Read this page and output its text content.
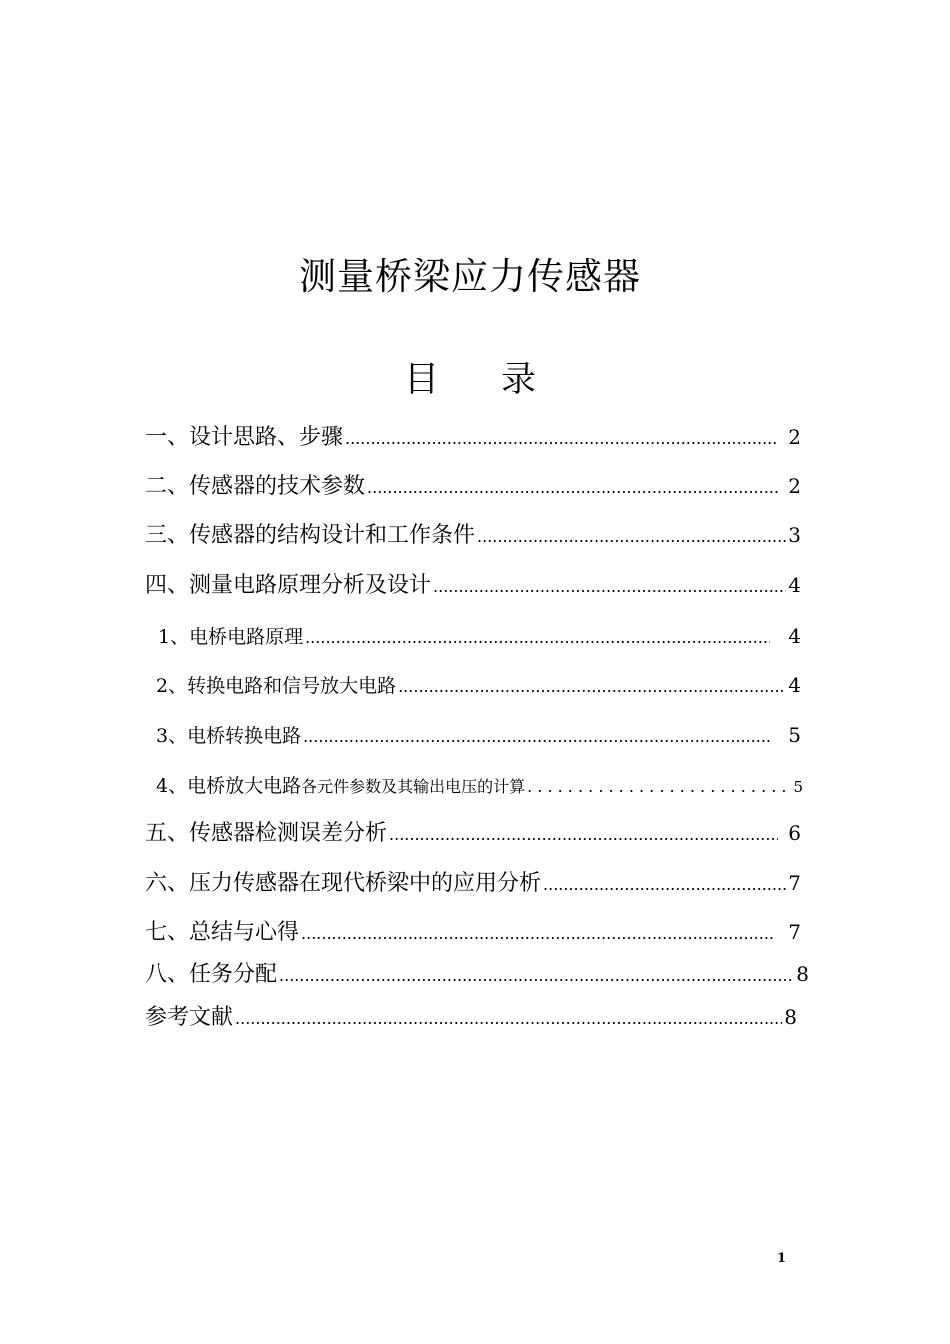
测量桥梁应力传感器
目 录
一、设计思路、步骤 .....	2
二、传感器的技术参数 .....	2
三、传感器的结构设计和工作条件 .....	3
四、测量电路原理分析及设计 .....	4
1、电桥电路原理 .....	4
2、转换电路和信号放大电路 .....	4
3、电桥转换电路 .....	5
4、电桥放大电路 各元件参数及其输出电压的计算 . . .	5
五、传感器检测误差分析 .....	6
六、压力传感器在现代桥梁中的应用分析 .....	7
七、总结与心得 .....	7
八、任务分配 .....	8
参考文献 .....	8
1
